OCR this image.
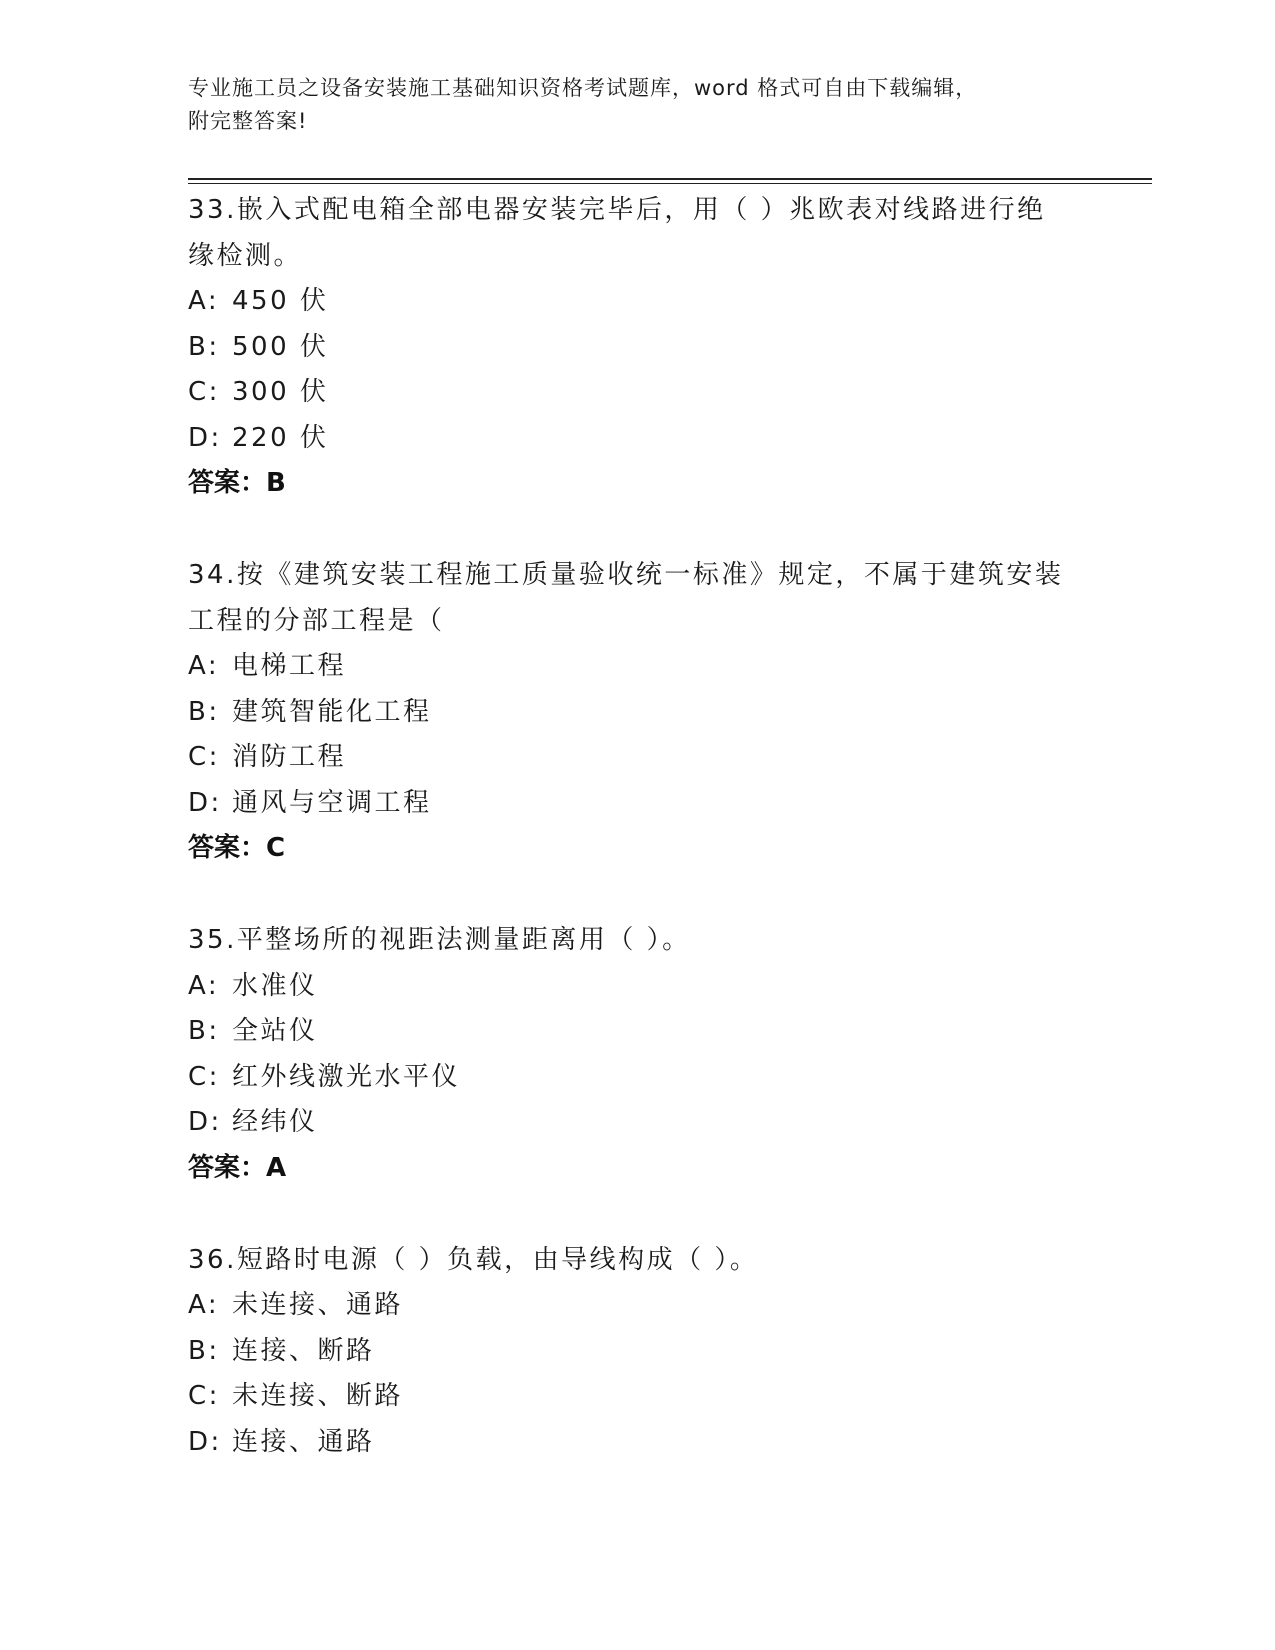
专业施工员之设备安装施工基础知识资格考试题库，word 格式可自由下载编辑，

附完整答案!

33.嵌入式配电箱全部电器安装完毕后，用（ ）兆欧表对线路进行绝
缘检测。
A: 450 伏
B: 500 伏
C: 300 伏
D: 220 伏
答案：B
34.按《建筑安装工程施工质量验收统一标准》规定，不属于建筑安装
工程的分部工程是（
A: 电梯工程
B: 建筑智能化工程
C: 消防工程
D: 通风与空调工程
答案：C
35.平整场所的视距法测量距离用（ ）。
A: 水准仪
B: 全站仪
C: 红外线激光水平仪
D: 经纬仪
答案：A
36.短路时电源（ ）负载，由导线构成（ ）。
A: 未连接、通路
B: 连接、断路
C: 未连接、断路
D: 连接、通路
